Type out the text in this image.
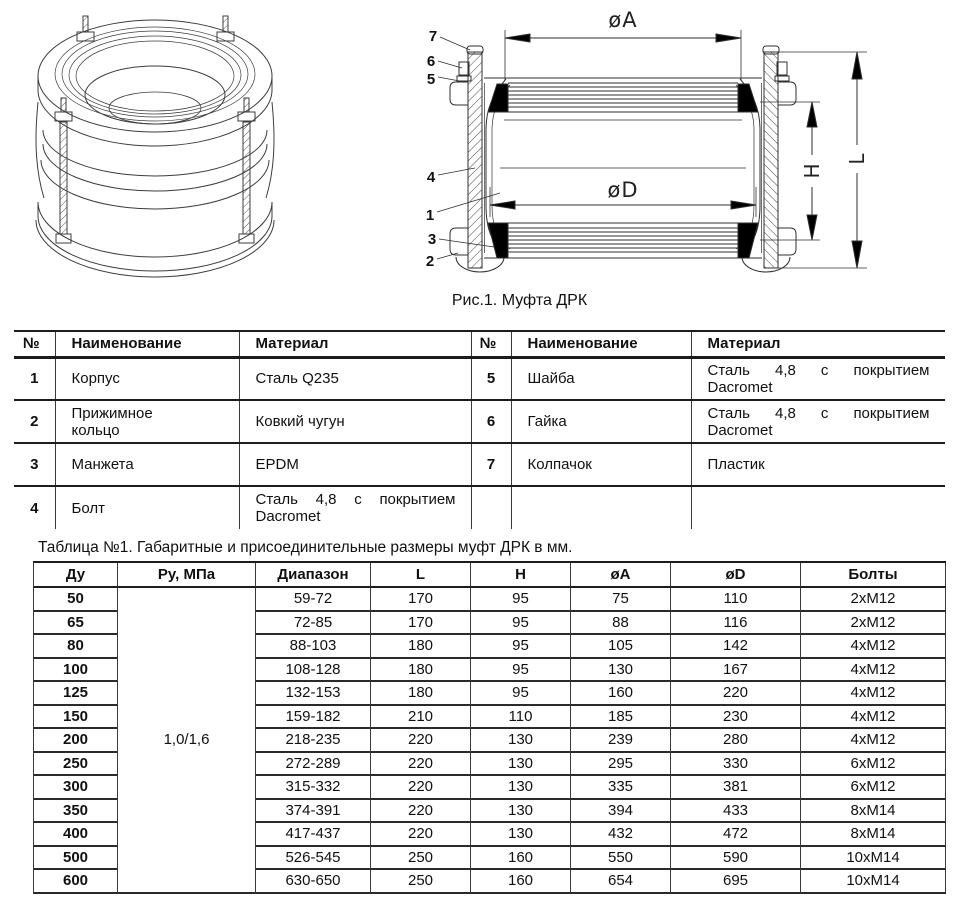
øA
øD
H
L
7
6
5
4
1
3
2
Рис.1. Муфта ДРК
№	Наименование	Материал	№	Наименование	Материал
1	Корпус	Сталь Q235	5	Шайба	Сталь 4,8 с покрытием Dacromet

2	Прижимное кольцо	Ковкий чугун	6	Гайка	Сталь 4,8 с покрытием Dacromet

3	Манжета	EPDM	7	Колпачок	Пластик

4	Болт	Сталь 4,8 с покрытием Dacromet			

Таблица №1. Габаритные и присоединительные размеры муфт ДРК в мм.
Ду	Ру, МПа	Диапазон	L	H	øA	øD	Болты
1,0/1,6
50	59-72	170	95	75	110	2xM12
65	72-85	170	95	88	116	2xM12
80	88-103	180	95	105	142	4xM12
100	108-128	180	95	130	167	4xM12
125	132-153	180	95	160	220	4xM12
150	159-182	210	110	185	230	4xM12
200	218-235	220	130	239	280	4xM12
250	272-289	220	130	295	330	6xM12
300	315-332	220	130	335	381	6xM12
350	374-391	220	130	394	433	8xM14
400	417-437	220	130	432	472	8xM14
500	526-545	250	160	550	590	10xM14
600	630-650	250	160	654	695	10xM14
